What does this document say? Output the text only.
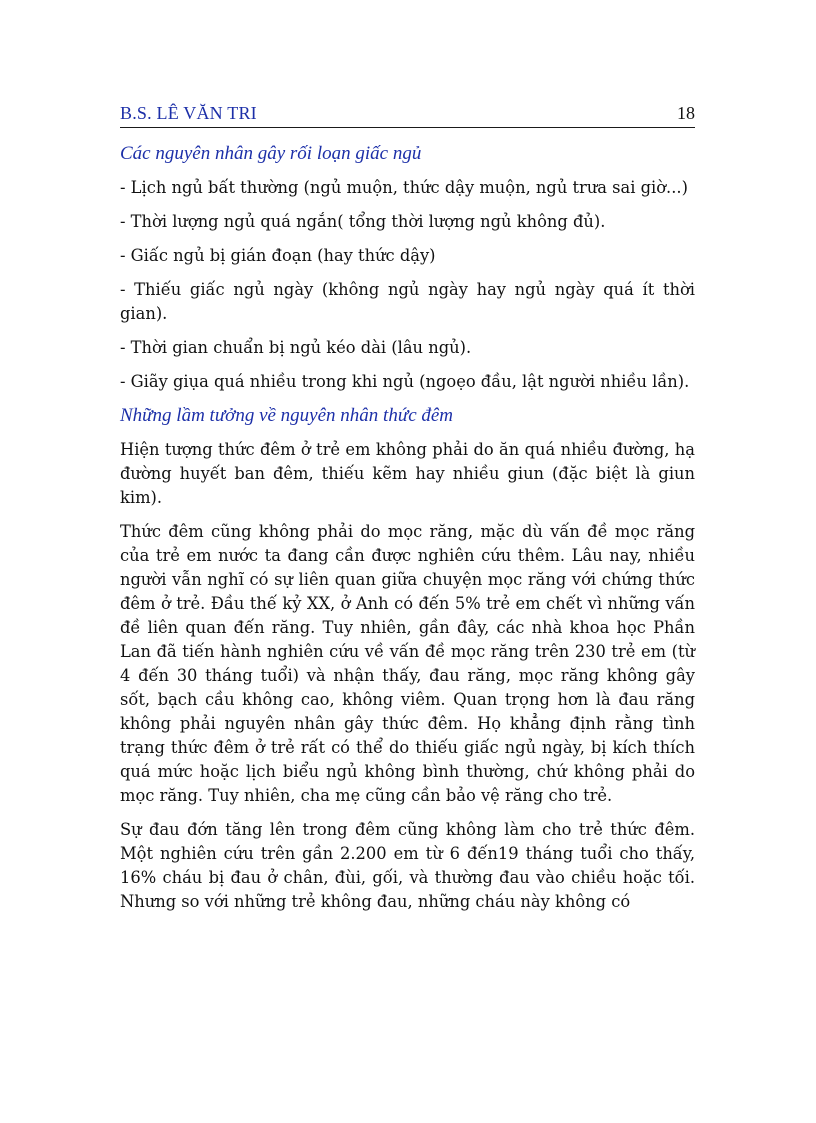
B.S. LÊ VĂN TRI	18
Các nguyên nhân gây rối loạn giấc ngủ

- Lịch ngủ bất thường (ngủ muộn, thức dậy muộn, ngủ trưa sai giờ...)

- Thời lượng ngủ quá ngắn( tổng thời lượng ngủ không đủ).

- Giấc ngủ bị gián đoạn (hay thức dậy)

- Thiếu giấc ngủ ngày (không ngủ ngày hay ngủ ngày quá ít thời gian).

- Thời gian chuẩn bị ngủ kéo dài (lâu ngủ).

- Giãy giụa quá nhiều trong khi ngủ (ngoẹo đầu, lật người nhiều lần).

Những lầm tưởng về nguyên nhân thức đêm

Hiện tượng thức đêm ở trẻ em không phải do ăn quá nhiều đường, hạ đường huyết ban đêm, thiếu kẽm hay nhiều giun (đặc biệt là giun kim).

Thức đêm cũng không phải do mọc răng, mặc dù vấn đề mọc răng của trẻ em nước ta đang cần được nghiên cứu thêm. Lâu nay, nhiều người vẫn nghĩ có sự liên quan giữa chuyện mọc răng với chứng thức đêm ở trẻ. Đầu thế kỷ XX, ở Anh có đến 5% trẻ em chết vì những vấn đề liên quan đến răng. Tuy nhiên, gần đây, các nhà khoa học Phần Lan đã tiến hành nghiên cứu về vấn đề mọc răng trên 230 trẻ em (từ 4 đến 30 tháng tuổi) và nhận thấy, đau răng, mọc răng không gây sốt, bạch cầu không cao, không viêm. Quan trọng hơn là đau răng không phải nguyên nhân gây thức đêm. Họ khẳng định rằng tình trạng thức đêm ở trẻ rất có thể do thiếu giấc ngủ ngày, bị kích thích quá mức hoặc lịch biểu ngủ không bình thường, chứ không phải do mọc răng. Tuy nhiên, cha mẹ cũng cần bảo vệ răng cho trẻ.

Sự đau đớn tăng lên trong đêm cũng không làm cho trẻ thức đêm. Một nghiên cứu trên gần 2.200 em từ 6 đến19 tháng tuổi cho thấy, 16% cháu bị đau ở chân, đùi, gối, và thường đau vào chiều hoặc tối. Nhưng so với những trẻ không đau, những cháu này không có
